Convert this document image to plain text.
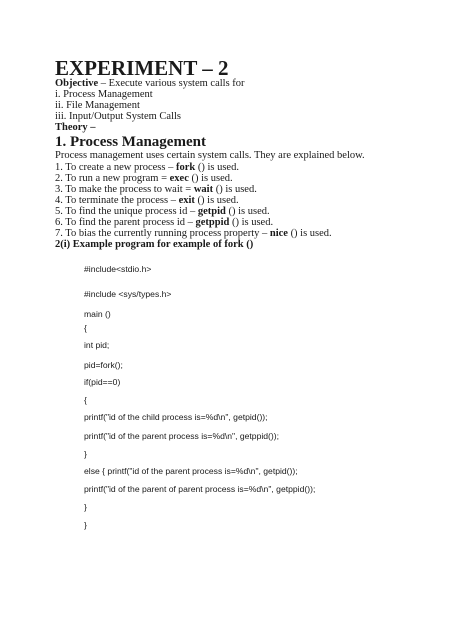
EXPERIMENT – 2
Objective – Execute various system calls for
i. Process Management
ii. File Management
iii. Input/Output System Calls
Theory –
1. Process Management
Process management uses certain system calls. They are explained below.
1. To create a new process – fork () is used.
2. To run a new program = exec () is used.
3. To make the process to wait = wait () is used.
4. To terminate the process – exit () is used.
5. To find the unique process id – getpid () is used.
6. To find the parent process id – getppid () is used.
7. To bias the currently running process property – nice () is used.
2(i) Example program for example of fork ()
#include<stdio.h>
#include <sys/types.h>
main ()
{
int pid;
pid=fork();
if(pid==0)
{
printf("id of the child process is=%d\n", getpid());
printf("id of the parent process is=%d\n", getppid());
}
else { printf("id of the parent process is=%d\n", getpid());
printf("id of the parent of parent process is=%d\n", getppid());
}
}
